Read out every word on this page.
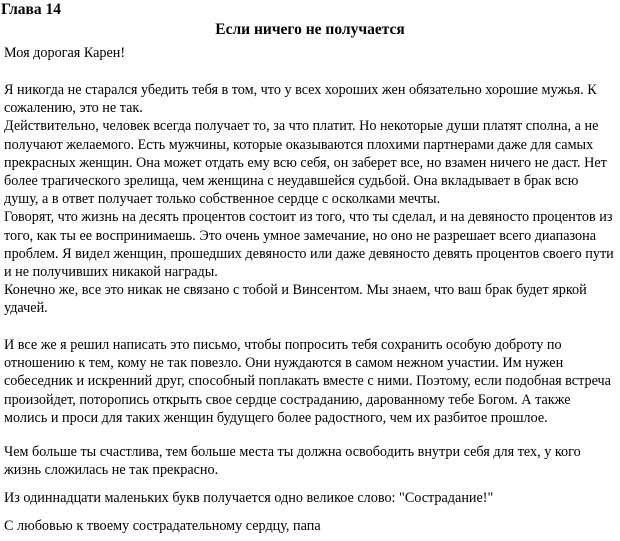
Глава 14
Если ничего не получается
Моя дорогая Карен!
Я никогда не старался убедить тебя в том, что у всех хороших жен обязательно хорошие мужья. К сожалению, это не так.
Действительно, человек всегда получает то, за что платит. Но некоторые души платят сполна, а не получают желаемого. Есть мужчины, которые оказываются плохими партнерами даже для самых прекрасных женщин. Она может отдать ему всю себя, он заберет все, но взамен ничего не даст. Нет более трагического зрелища, чем женщина с неудавшейся судьбой. Она вкладывает в брак всю душу, а в ответ получает только собственное сердце с осколками мечты.
Говорят, что жизнь на десять процентов состоит из того, что ты сделал, и на девяносто процентов из того, как ты ее воспринимаешь. Это очень умное замечание, но оно не разрешает всего диапазона проблем. Я видел женщин, прошедших девяносто или даже девяносто девять процентов своего пути и не получивших никакой награды.
Конечно же, все это никак не связано с тобой и Винсентом. Мы знаем, что ваш брак будет яркой удачей.
И все же я решил написать это письмо, чтобы попросить тебя сохранить особую доброту по отношению к тем, кому не так повезло. Они нуждаются в самом нежном участии. Им нужен собеседник и искренний друг, способный поплакать вместе с ними. Поэтому, если подобная встреча произойдет, потoропись открыть свое сердце состраданию, дарованному тебе Богом. А также молись и проси для таких женщин будущего более радостного, чем их разбитое прошлое.
Чем больше ты счастлива, тем больше места ты должна освободить внутри себя для тех, у кого жизнь сложилась не так прекрасно.
Из одиннадцати маленьких букв получается одно великое слово: "Сострадание!"
С любовью к твоему сострадательному сердцу, папа
